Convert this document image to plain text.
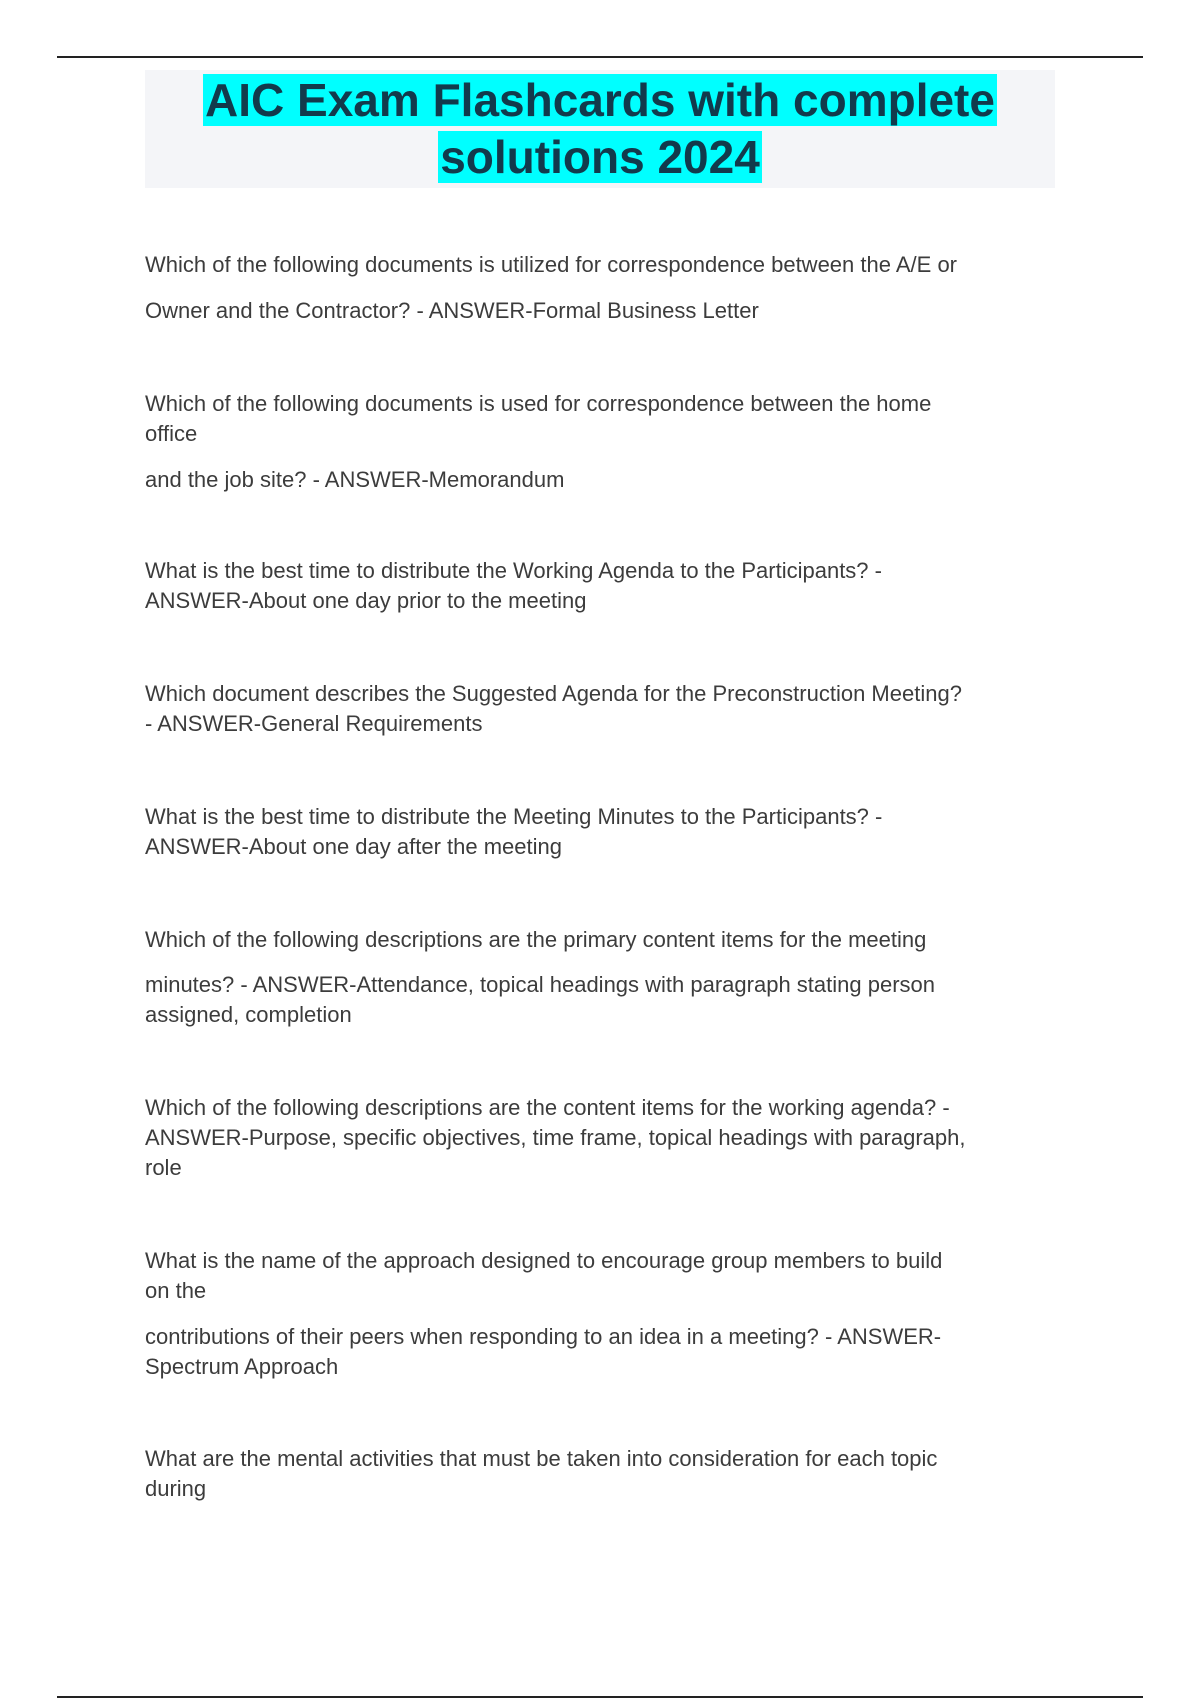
AIC Exam Flashcards with complete
solutions 2024
Which of the following documents is utilized for correspondence between the A/E or
Owner and the Contractor? - ANSWER-Formal Business Letter
Which of the following documents is used for correspondence between the home
office
and the job site? - ANSWER-Memorandum
What is the best time to distribute the Working Agenda to the Participants? -
ANSWER-About one day prior to the meeting
Which document describes the Suggested Agenda for the Preconstruction Meeting?
- ANSWER-General Requirements
What is the best time to distribute the Meeting Minutes to the Participants? -
ANSWER-About one day after the meeting
Which of the following descriptions are the primary content items for the meeting
minutes? - ANSWER-Attendance, topical headings with paragraph stating person
assigned, completion
Which of the following descriptions are the content items for the working agenda? -
ANSWER-Purpose, specific objectives, time frame, topical headings with paragraph,
role
What is the name of the approach designed to encourage group members to build
on the
contributions of their peers when responding to an idea in a meeting? - ANSWER-
Spectrum Approach
What are the mental activities that must be taken into consideration for each topic
during
